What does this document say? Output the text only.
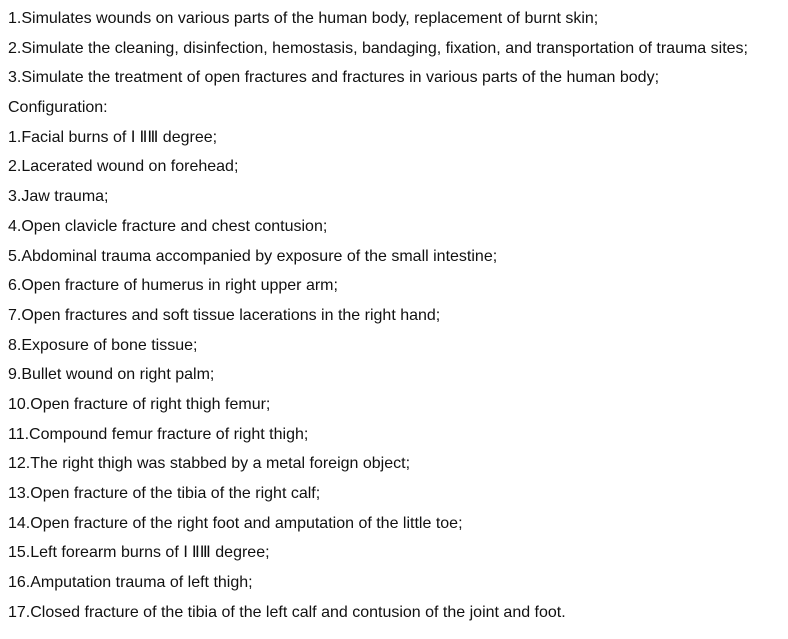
1.Simulates wounds on various parts of the human body, replacement of burnt skin;
2.Simulate the cleaning, disinfection, hemostasis, bandaging, fixation, and transportation of trauma sites;
3.Simulate the treatment of open fractures and fractures in various parts of the human body;
Configuration:
1.Facial burns of Ⅰ ⅡⅢ degree;
2.Lacerated wound on forehead;
3.Jaw trauma;
4.Open clavicle fracture and chest contusion;
5.Abdominal trauma accompanied by exposure of the small intestine;
6.Open fracture of humerus in right upper arm;
7.Open fractures and soft tissue lacerations in the right hand;
8.Exposure of bone tissue;
9.Bullet wound on right palm;
10.Open fracture of right thigh femur;
11.Compound femur fracture of right thigh;
12.The right thigh was stabbed by a metal foreign object;
13.Open fracture of the tibia of the right calf;
14.Open fracture of the right foot and amputation of the little toe;
15.Left forearm burns of Ⅰ ⅡⅢ degree;
16.Amputation trauma of left thigh;
17.Closed fracture of the tibia of the left calf and contusion of the joint and foot.
